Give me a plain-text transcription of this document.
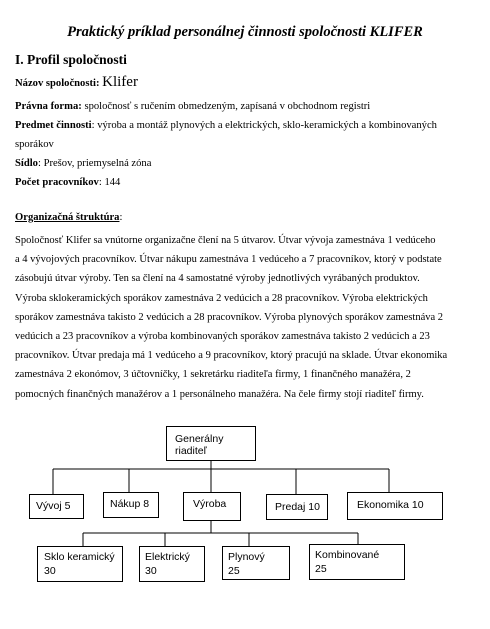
Praktický príklad personálnej činnosti spoločnosti KLIFER
I. Profil spoločnosti
Názov spoločnosti: Klifer
Právna forma: spoločnosť s ručením obmedzeným, zapísaná v obchodnom registri
Predmet činnosti: výroba a montáž plynových a elektrických, sklo-keramických a kombinovaných
sporákov
Sídlo: Prešov, priemyselná zóna
Počet pracovníkov: 144
Organizačná štruktúra:
Spoločnosť Klifer sa vnútorne organizačne člení na 5 útvarov. Útvar vývoja zamestnáva 1 vedúceho
a 4 vývojových pracovníkov. Útvar nákupu zamestnáva 1 vedúceho a 7 pracovníkov, ktorý v podstate
zásobujú útvar výroby. Ten sa člení na 4 samostatné výroby jednotlivých vyrábaných produktov.
Výroba sklokeramických sporákov zamestnáva 2 vedúcich a 28 pracovníkov. Výroba elektrických
sporákov zamestnáva takisto 2 vedúcich a 28 pracovníkov. Výroba plynových sporákov zamestnáva 2
vedúcich a 23 pracovníkov a výroba kombinovaných sporákov zamestnáva takisto 2 vedúcich a 23
pracovníkov. Útvar predaja má 1 vedúceho a 9 pracovníkov, ktorý pracujú na sklade. Útvar ekonomika
zamestnáva 2 ekonómov, 3 účtovníčky, 1 sekretárku riaditeľa firmy, 1 finančného manažéra, 2
pomocných finančných manažérov a 1 personálneho manažéra. Na čele firmy stojí riaditeľ firmy.
Generálny riaditeľ
Vývoj 5	Nákup 8	Výroba	Predaj 10	Ekonomika 10
Sklo keramický
30
Elektrický
30
Plynový
25
Kombinované
25
